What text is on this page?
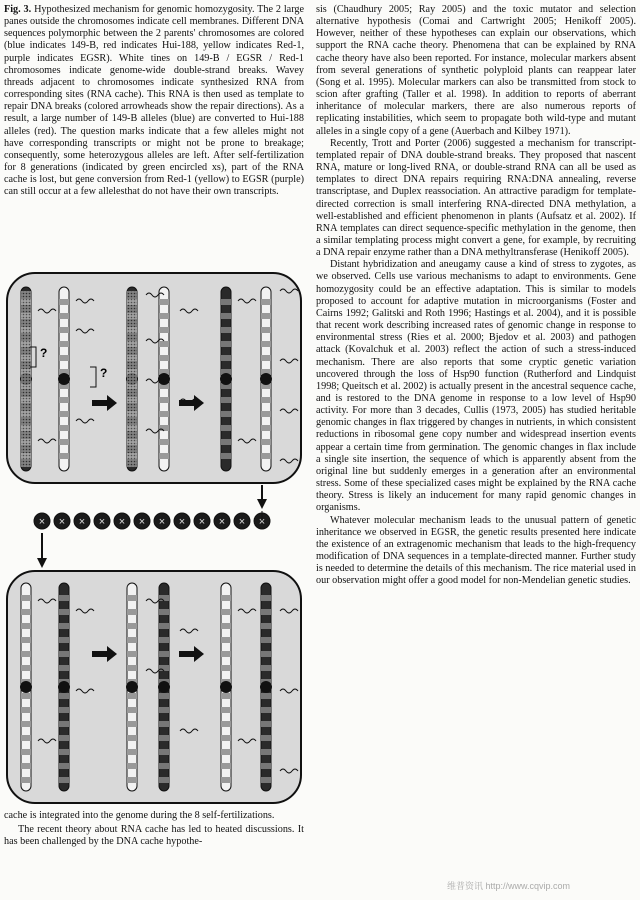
Fig. 3. Hypothesized mechanism for genomic homozygosity. The 2 large panes outside the chromosomes indicate cell membranes. Different DNA sequences polymorphic between the 2 parents' chromosomes are colored (blue indicates 149-B, red indicates Hui-188, yellow indicates Red-1, purple indicates EGSR). White tines on 149-B / EGSR / Red-1 chromosomes indicate genome-wide double-strand breaks. Wavey threads adjacent to chromosomes indicate synthesized RNA from corresponding sites (RNA cache). This RNA is then used as template to repair DNA breaks (colored arrowheads show the repair directions). As a result, a large number of 149-B alleles (blue) are converted to Hui-188 alleles (red). The question marks indicate that a few alleles might not have corresponding transcripts or might not be prone to breakage; consequently, some heterozygous alleles are left. After self-fertilization for 8 generations (indicated by green encircled xs), part of the RNA cache is lost, but gene conversion from Red-1 (yellow) to EGSR (purple) can still occur at a few allelesthat do not have their own transcripts.

?
?
× × × × × × × × × × × ×

cache is integrated into the genome during the 8 self-fertilizations.

The recent theory about RNA cache has led to heated discussions. It has been challenged by the DNA cache hypothe-

sis (Chaudhury 2005; Ray 2005) and the toxic mutator and selection alternative hypothesis (Comai and Cartwright 2005; Henikoff 2005). However, neither of these hypotheses can explain our observations, which support the RNA cache theory. Phenomena that can be explained by RNA cache theory have also been reported. For instance, molecular markers absent from several generations of synthetic polyploid plants can reappear later (Song et al. 1995). Molecular markers can also be transmitted from stock to scion after grafting (Taller et al. 1998). In addition to reports of aberrant inheritance of molecular markers, there are also numerous reports of replicating instabilities, which seem to propagate both wild-type and mutant alleles in a single copy of a gene (Auerbach and Kilbey 1971).

Recently, Trott and Porter (2006) suggested a mechanism for transcript-templated repair of DNA double-strand breaks. They proposed that nascent RNA, mature or long-lived RNA, or double-strand RNA can all be used as templates to direct DNA repairs requiring RNA:DNA annealing, reverse transcriptase, and Duplex reassociation. An attractive paradigm for template-directed correction is small interfering RNA-directed DNA methylation, a well-established and efficient phenomenon in plants (Aufsatz et al. 2002). If RNA templates can direct sequence-specific methylation in the genome, then a similar templating process might convert a gene, for example, by recruiting a DNA repair enzyme rather than a DNA methyltransferase (Henikoff 2005).

Distant hybridization and aneugamy cause a kind of stress to zygotes, as we observed. Cells use various mechanisms to adapt to environments. Gene homozygosity could be an effective adaptation. This is similar to models proposed to account for adaptive mutation in microorganisms (Foster and Cairns 1992; Galitski and Roth 1996; Hastings et al. 2004), and it is possible that recent work describing increased rates of genomic change in response to environmental stress (Ries et al. 2000; Bjedov et al. 2003) and pathogen attack (Kovalchuk et al. 2003) reflect the action of such a stress-induced mechanism. There are also reports that some cryptic genetic variation uncovered through the loss of Hsp90 function (Rutherford and Lindquist 1998; Queitsch et al. 2002) is actually present in the ancestral sequence cache, and is restored to the DNA genome in response to a low level of Hsp90 activity. For more than 3 decades, Cullis (1973, 2005) has studied heritable genomic changes in flax triggered by changes in nutrients, in which consistent reductions in ribosomal gene copy number and widespread insertion events appear a certain time from germination. The genomic changes in flax include a single site insertion, the sequence of which is apparently absent from the original line but suddenly emerges in a generation after an environmental stress. Some of these specialized cases might be explained by the RNA cache theory. Stress is likely an inducement for many rapid genomic changes in organisms.

Whatever molecular mechanism leads to the unusual pattern of genetic inheritance we observed in EGSR, the genetic results presented here indicate the existence of an extragenomic mechanism that leads to the high-frequency modification of DNA sequences in a template-directed manner. Further study is needed to determine the details of this mechanism. The rice material used in our observation might offer a good model for non-Mendelian genetic studies.

维普资讯 http://www.cqvip.com
